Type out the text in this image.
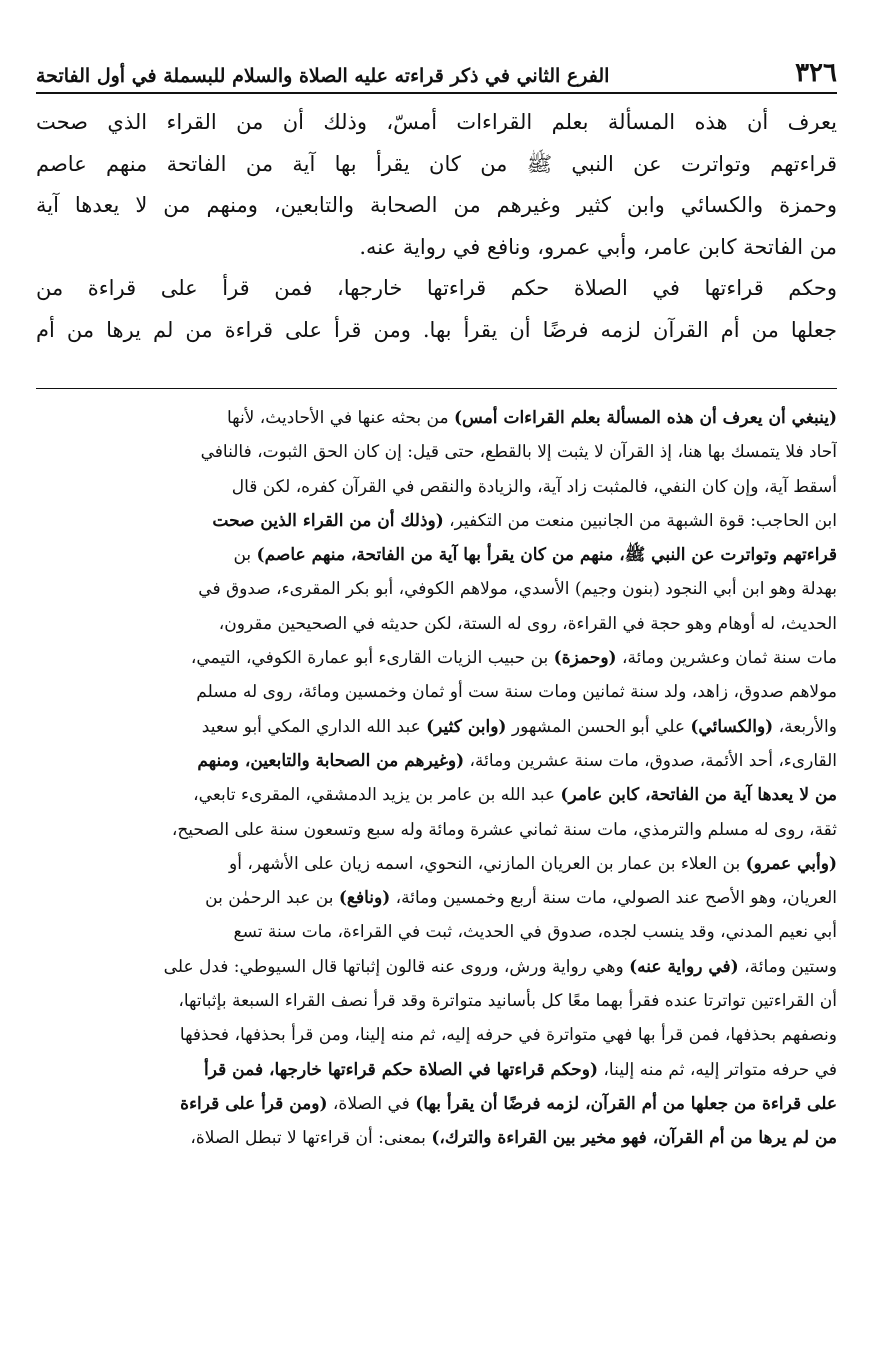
٣٢٦
الفرع الثاني في ذكر قراءته عليه الصلاة والسلام للبسملة في أول الفاتحة

يعرف أن هذه المسألة بعلم القراءات أمسّ، وذلك أن من القراء الذي صحت

قراءتهم وتواترت عن النبي ﷺ من كان يقرأ بها آية من الفاتحة منهم عاصم

وحمزة والكسائي وابن كثير وغيرهم من الصحابة والتابعين، ومنهم من لا يعدها آية

من الفاتحة كابن عامر، وأبي عمرو، ونافع في رواية عنه.

وحكم قراءتها في الصلاة حكم قراءتها خارجها، فمن قرأ على قراءة من

جعلها من أم القرآن لزمه فرضًا أن يقرأ بها. ومن قرأ على قراءة من لم يرها من أم

(ينبغي أن يعرف أن هذه المسألة بعلم القراءات أمس) من بحثه عنها في الأحاديث، لأنها
آحاد فلا يتمسك بها هنا، إذ القرآن لا يثبت إلا بالقطع، حتى قيل: إن كان الحق الثبوت، فالنافي
أسقط آية، وإن كان النفي، فالمثبت زاد آية، والزيادة والنقص في القرآن كفره، لكن قال
ابن الحاجب: قوة الشبهة من الجانبين منعت من التكفير، (وذلك أن من القراء الذين صحت
قراءتهم وتواترت عن النبي ﷺ، منهم من كان يقرأ بها آية من الفاتحة، منهم عاصم) بن
بهدلة وهو ابن أبي النجود (بنون وجيم) الأسدي، مولاهم الكوفي، أبو بكر المقرىء، صدوق في
الحديث، له أوهام وهو حجة في القراءة، روى له الستة، لكن حديثه في الصحيحين مقرون،
مات سنة ثمان وعشرين ومائة، (وحمزة) بن حبيب الزيات القارىء أبو عمارة الكوفي، التيمي،
مولاهم صدوق، زاهد، ولد سنة ثمانين ومات سنة ست أو ثمان وخمسين ومائة، روى له مسلم
والأربعة، (والكسائي) علي أبو الحسن المشهور (وابن كثير) عبد الله الداري المكي أبو سعيد
القارىء، أحد الأئمة، صدوق، مات سنة عشرين ومائة، (وغيرهم من الصحابة والتابعين، ومنهم
من لا يعدها آية من الفاتحة، كابن عامر) عبد الله بن عامر بن يزيد الدمشقي، المقرىء تابعي،
ثقة، روى له مسلم والترمذي، مات سنة ثماني عشرة ومائة وله سبع وتسعون سنة على الصحيح،
(وأبي عمرو) بن العلاء بن عمار بن العريان المازني، النحوي، اسمه زيان على الأشهر، أو
العريان، وهو الأصح عند الصولي، مات سنة أربع وخمسين ومائة، (ونافع) بن عبد الرحمٰن بن
أبي نعيم المدني، وقد ينسب لجده، صدوق في الحديث، ثبت في القراءة، مات سنة تسع
وستين ومائة، (في رواية عنه) وهي رواية ورش، وروى عنه قالون إثباتها قال السيوطي: فدل على
أن القراءتين تواترتا عنده فقرأ بهما معًا كل بأسانيد متواترة وقد قرأ نصف القراء السبعة بإثباتها،
ونصفهم بحذفها، فمن قرأ بها فهي متواترة في حرفه إليه، ثم منه إلينا، ومن قرأ بحذفها، فحذفها
في حرفه متواتر إليه، ثم منه إلينا، (وحكم قراءتها في الصلاة حكم قراءتها خارجها، فمن قرأ
على قراءة من جعلها من أم القرآن، لزمه فرضًا أن يقرأ بها) في الصلاة، (ومن قرأ على قراءة
من لم يرها من أم القرآن، فهو مخير بين القراءة والترك،) بمعنى: أن قراءتها لا تبطل الصلاة،
